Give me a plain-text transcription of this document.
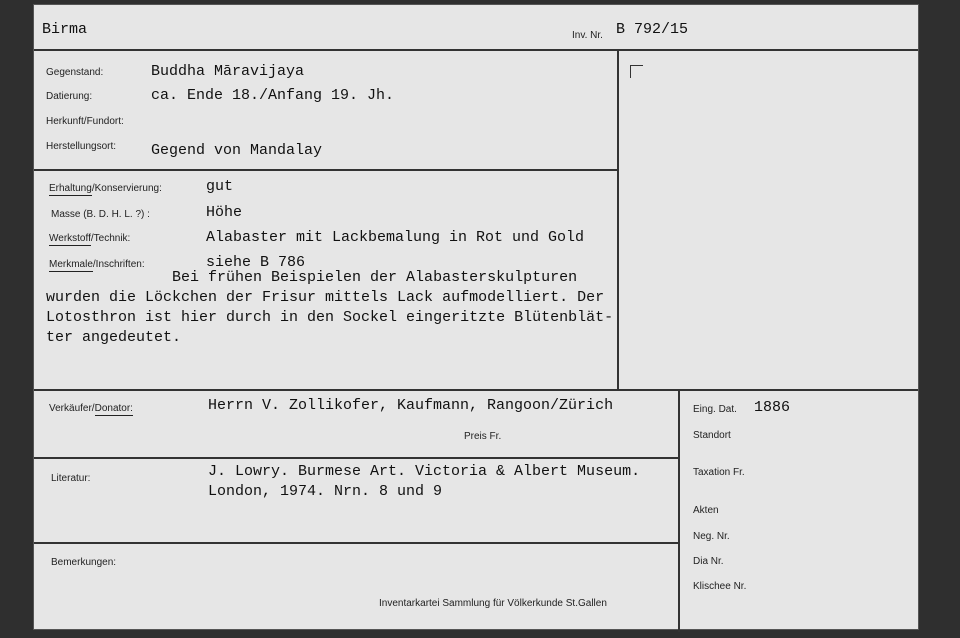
Birma	Inv. Nr. B 792/15
Gegenstand:	Buddha Māravijaya
Datierung:	ca. Ende 18./Anfang 19. Jh.
Herkunft/Fundort:
Herstellungsort: Gegend von Mandalay
Erhaltung/Konservierung:	gut
Masse (B. D. H. L. ?) :	Höhe
Werkstoff/Technik:	Alabaster mit Lackbemalung in Rot und Gold
Merkmale/Inschriften:	siehe B 786
Bei frühen Beispielen der Alabasterskulpturen
wurden die Löckchen der Frisur mittels Lack aufmodelliert. Der
Lotosthron ist hier durch in den Sockel eingeritzte Blütenblät-
ter angedeutet.
Verkäufer/Donator:	Herrn V. Zollikofer, Kaufmann, Rangoon/Zürich
Preis Fr.
Literatur:	J. Lowry. Burmese Art. Victoria & Albert Museum.
London, 1974. Nrn. 8 und 9
Bemerkungen:
Inventarkartei Sammlung für Völkerkunde St.Gallen
Eing. Dat. 1886
Standort
Taxation Fr.
Akten
Neg. Nr.
Dia Nr.
Klischee Nr.
